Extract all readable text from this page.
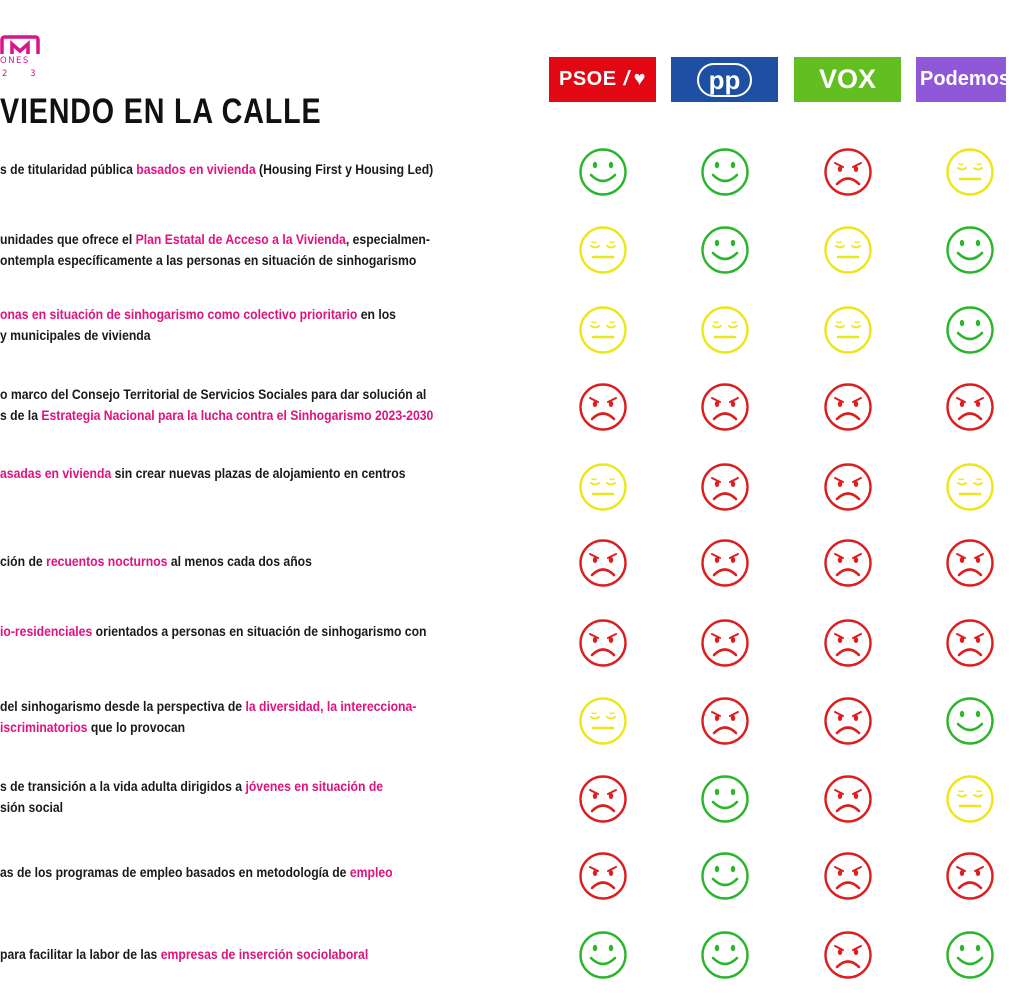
ONES
2 3
VIENDO EN LA CALLE
PSOE / ♥	pp	VOX Podemos
s de titularidad pública basados en vivienda (Housing First y Housing Led)
unidades que ofrece el Plan Estatal de Acceso a la Vivienda, especialmen-
ontempla específicamente a las personas en situación de sinhogarismo
onas en situación de sinhogarismo como colectivo prioritario en los
y municipales de vivienda
o marco del Consejo Territorial de Servicios Sociales para dar solución al
s de la Estrategia Nacional para la lucha contra el Sinhogarismo 2023-2030
asadas en vivienda sin crear nuevas plazas de alojamiento en centros
ción de recuentos nocturnos al menos cada dos años
io-residenciales orientados a personas en situación de sinhogarismo con
del sinhogarismo desde la perspectiva de la diversidad, la interecciona-
iscriminatorios que lo provocan
s de transición a la vida adulta dirigidos a jóvenes en situación de
sión social
as de los programas de empleo basados en metodología de empleo
para facilitar la labor de las empresas de inserción sociolaboral
